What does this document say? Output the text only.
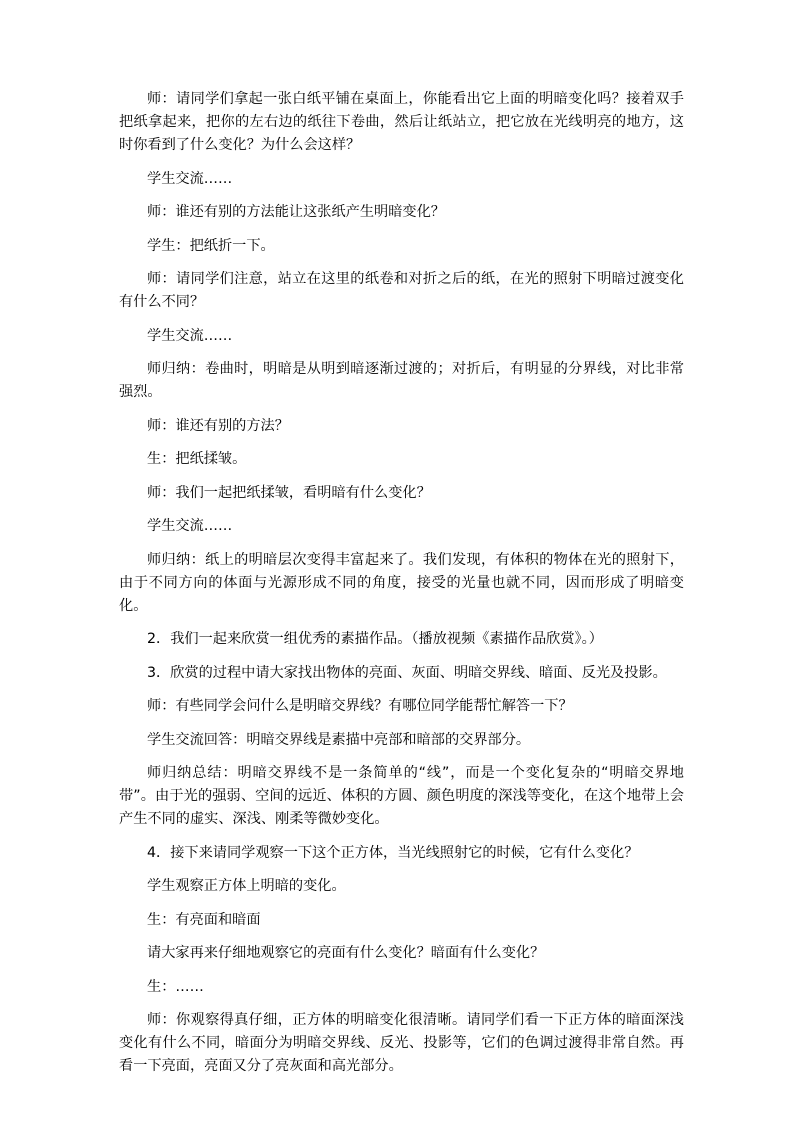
师：请同学们拿起一张白纸平铺在桌面上，你能看出它上面的明暗变化吗？接着双手把纸拿起来，把你的左右边的纸往下卷曲，然后让纸站立，把它放在光线明亮的地方，这时你看到了什么变化？为什么会这样？

学生交流……

师：谁还有别的方法能让这张纸产生明暗变化？

学生：把纸折一下。

师：请同学们注意，站立在这里的纸卷和对折之后的纸，在光的照射下明暗过渡变化有什么不同？

学生交流……

师归纳：卷曲时，明暗是从明到暗逐渐过渡的；对折后，有明显的分界线，对比非常强烈。

师：谁还有别的方法？

生：把纸揉皱。

师：我们一起把纸揉皱，看明暗有什么变化？

学生交流……

师归纳：纸上的明暗层次变得丰富起来了。我们发现，有体积的物体在光的照射下，由于不同方向的体面与光源形成不同的角度，接受的光量也就不同，因而形成了明暗变化。

2．我们一起来欣赏一组优秀的素描作品。（播放视频《素描作品欣赏》。）

3．欣赏的过程中请大家找出物体的亮面、灰面、明暗交界线、暗面、反光及投影。

师：有些同学会问什么是明暗交界线？有哪位同学能帮忙解答一下？

学生交流回答：明暗交界线是素描中亮部和暗部的交界部分。

师归纳总结：明暗交界线不是一条简单的“线”，而是一个变化复杂的“明暗交界地带”。由于光的强弱、空间的远近、体积的方圆、颜色明度的深浅等变化，在这个地带上会产生不同的虚实、深浅、刚柔等微妙变化。

4．接下来请同学观察一下这个正方体，当光线照射它的时候，它有什么变化？

学生观察正方体上明暗的变化。

生：有亮面和暗面

请大家再来仔细地观察它的亮面有什么变化？暗面有什么变化？

生：……

师：你观察得真仔细，正方体的明暗变化很清晰。请同学们看一下正方体的暗面深浅变化有什么不同，暗面分为明暗交界线、反光、投影等，它们的色调过渡得非常自然。再看一下亮面，亮面又分了亮灰面和高光部分。
